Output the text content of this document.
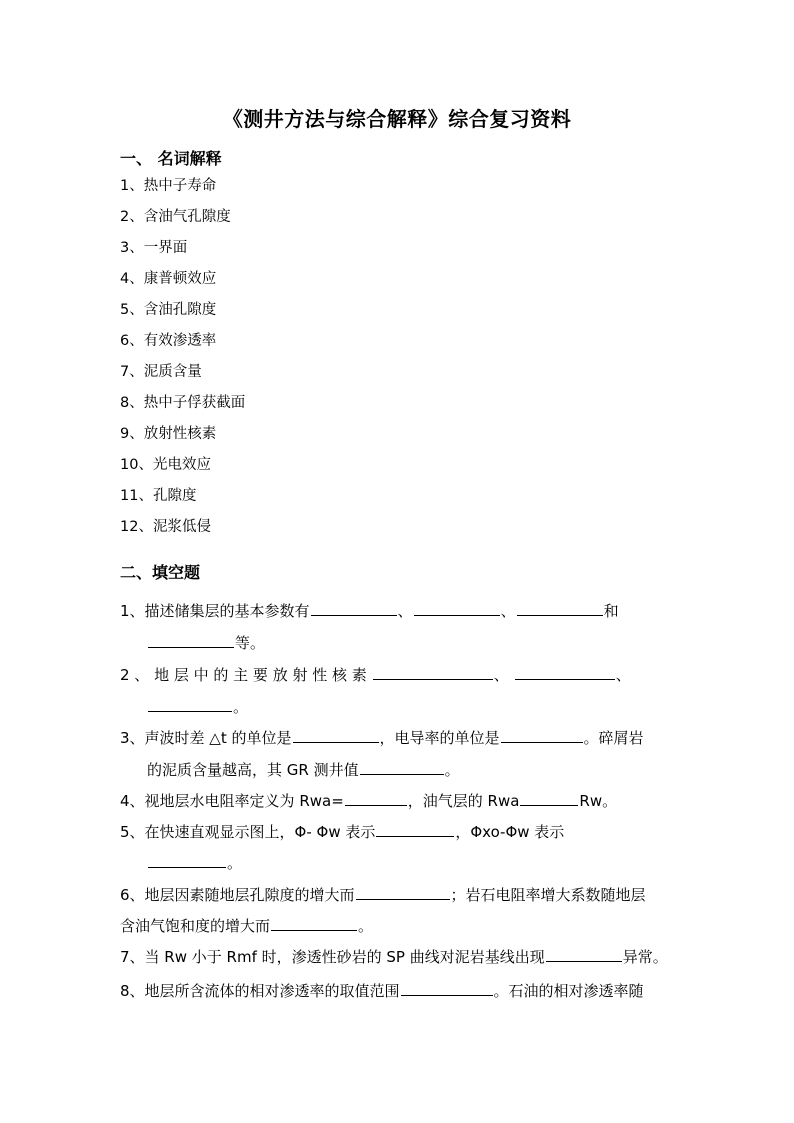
《测井方法与综合解释》综合复习资料
一、 名词解释
1、热中子寿命
2、含油气孔隙度
3、一界面
4、康普顿效应
5、含油孔隙度
6、有效渗透率
7、泥质含量
8、热中子俘获截面
9、放射性核素
10、光电效应
11、孔隙度
12、泥浆低侵
二、填空题
1、描述储集层的基本参数有	、	、	和
等。
2 、 地 层 中 的 主 要 放 射 性 核 素	、	、
。
3、声波时差 △t 的单位是	，电导率的单位是	。碎屑岩
的泥质含量越高，其 GR 测井值	。
4、视地层水电阻率定义为 Rwa=	，油气层的 Rwa	Rw。
5、在快速直观显示图上，Φ- Φw 表示	，Φxo-Φw 表示
。
6、地层因素随地层孔隙度的增大而	；岩石电阻率增大系数随地层
含油气饱和度的增大而	。
7、当 Rw 小于 Rmf 时，渗透性砂岩的 SP 曲线对泥岩基线出现	异常。
8、地层所含流体的相对渗透率的取值范围	。石油的相对渗透率随
